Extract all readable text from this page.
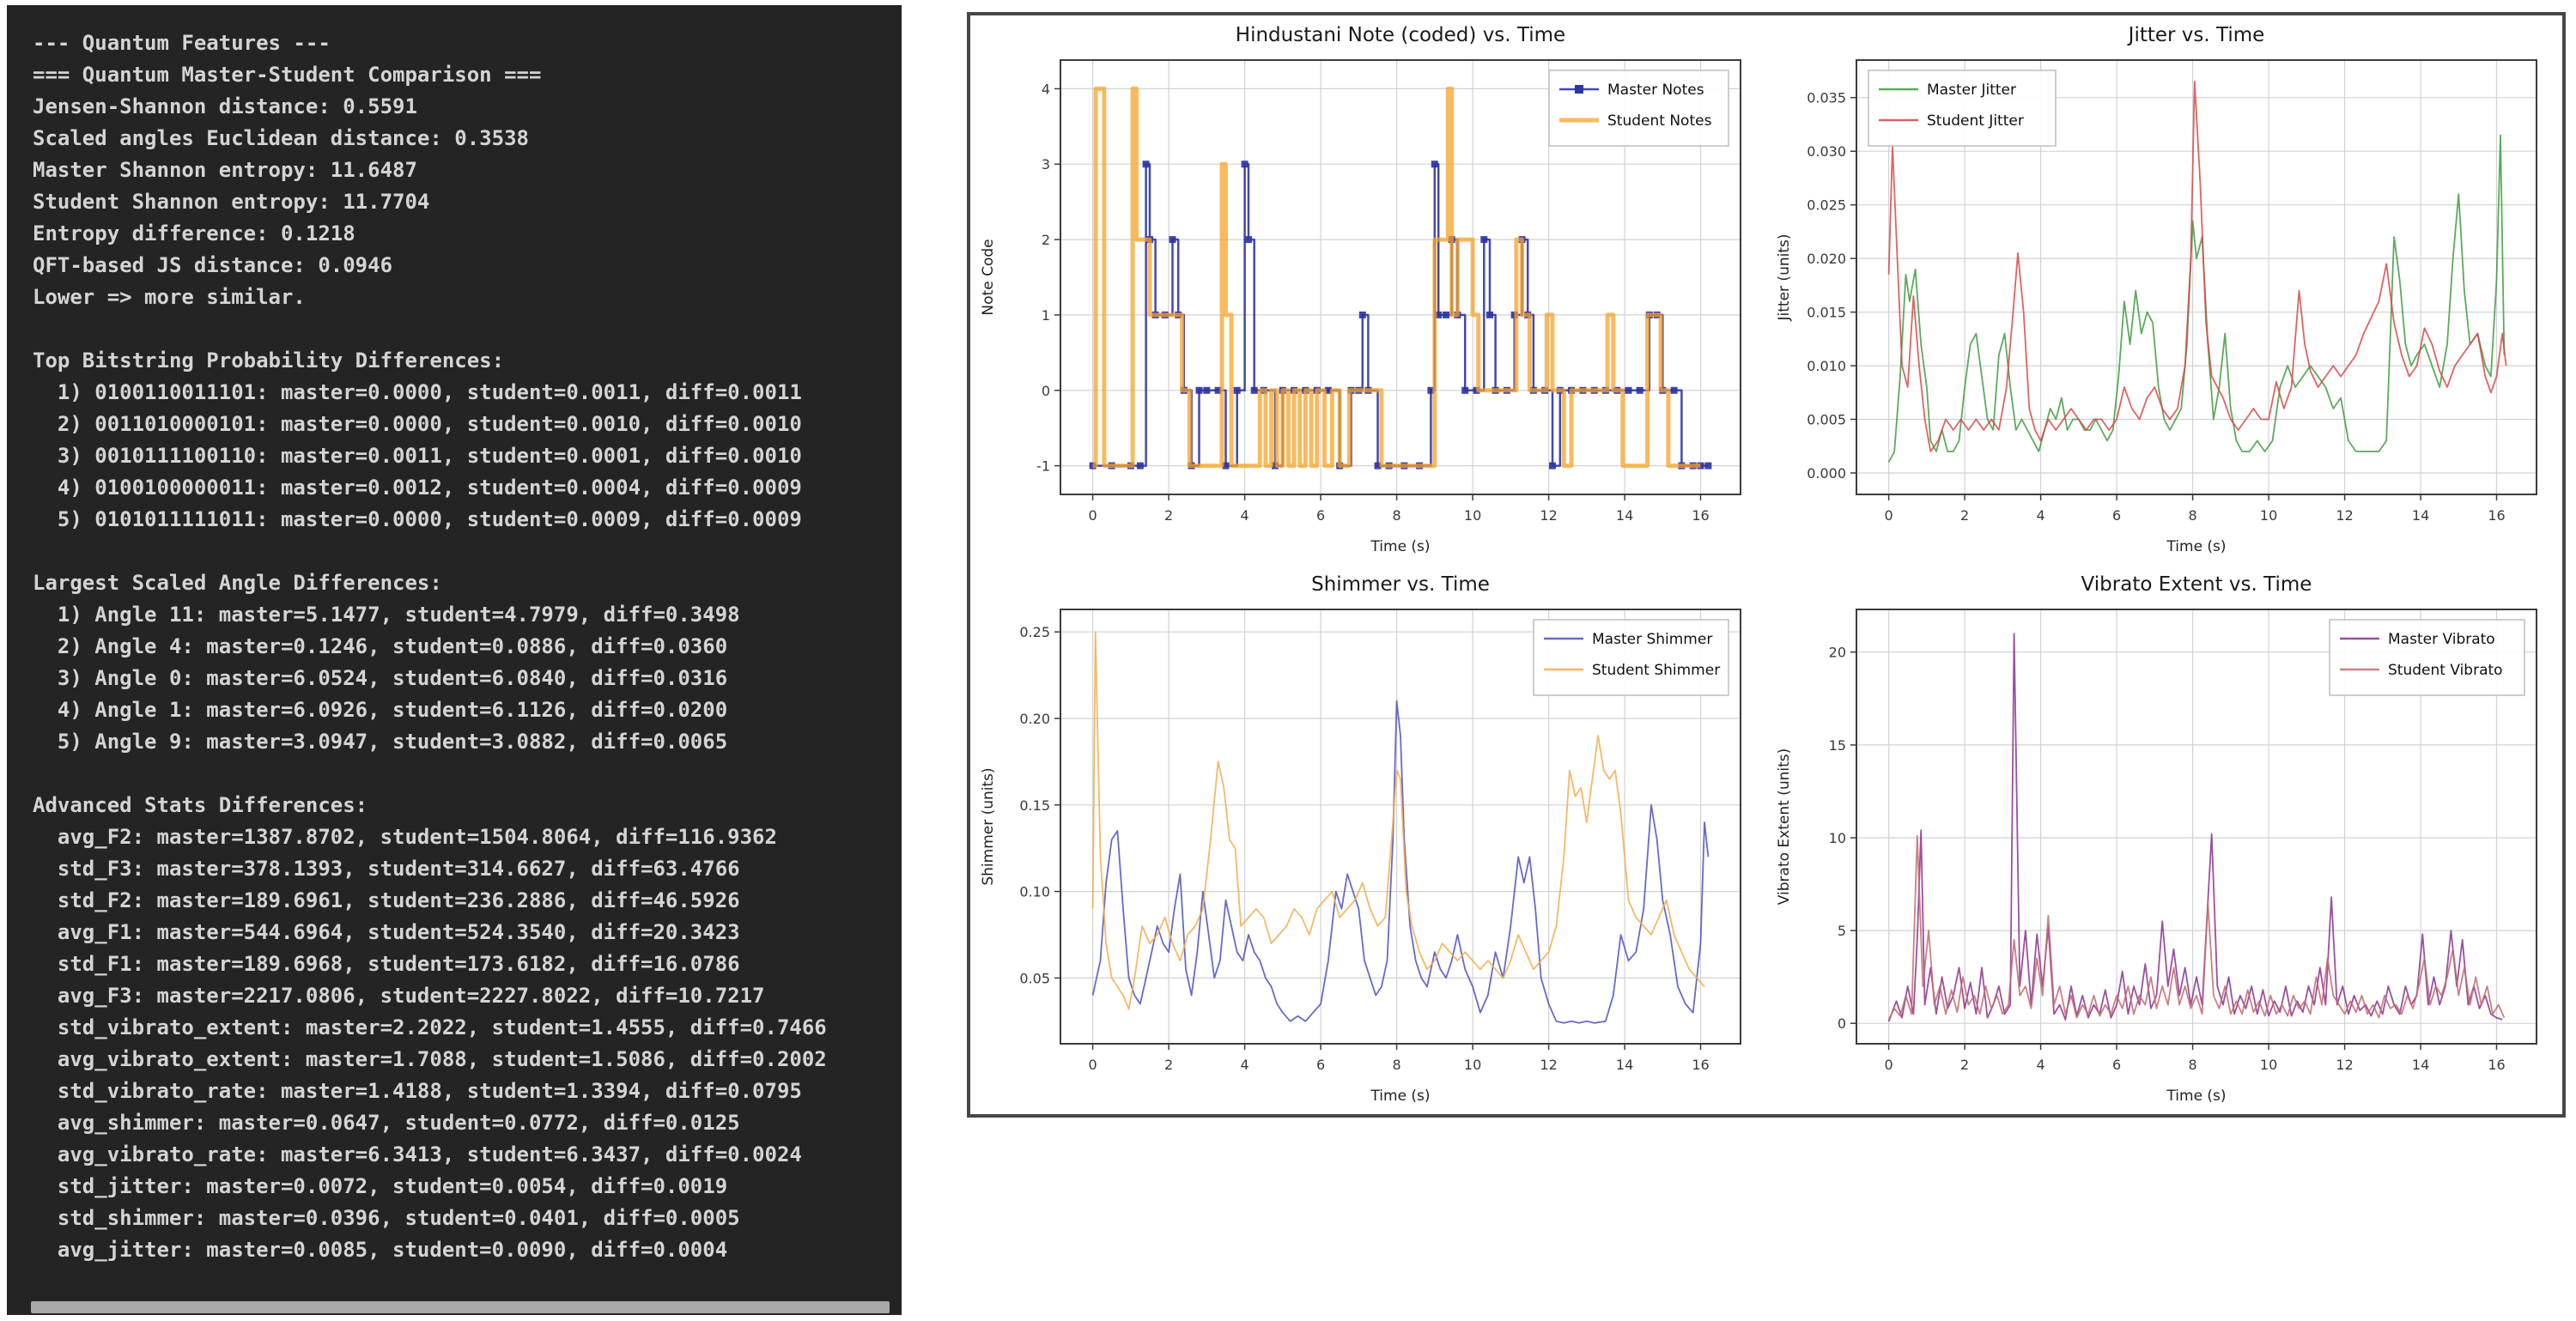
--- Quantum Features ---
=== Quantum Master-Student Comparison ===
Jensen-Shannon distance: 0.5591
Scaled angles Euclidean distance: 0.3538
Master Shannon entropy: 11.6487
Student Shannon entropy: 11.7704
Entropy difference: 0.1218
QFT-based JS distance: 0.0946
Lower => more similar.

Top Bitstring Probability Differences:
1) 0100110011101: master=0.0000, student=0.0011, diff=0.0011
2) 0011010000101: master=0.0000, student=0.0010, diff=0.0010
3) 0010111100110: master=0.0011, student=0.0001, diff=0.0010
4) 0100100000011: master=0.0012, student=0.0004, diff=0.0009
5) 0101011111011: master=0.0000, student=0.0009, diff=0.0009

Largest Scaled Angle Differences:
1) Angle 11: master=5.1477, student=4.7979, diff=0.3498
2) Angle 4: master=0.1246, student=0.0886, diff=0.0360
3) Angle 0: master=6.0524, student=6.0840, diff=0.0316
4) Angle 1: master=6.0926, student=6.1126, diff=0.0200
5) Angle 9: master=3.0947, student=3.0882, diff=0.0065

Advanced Stats Differences:
avg_F2: master=1387.8702, student=1504.8064, diff=116.9362
std_F3: master=378.1393, student=314.6627, diff=63.4766
std_F2: master=189.6961, student=236.2886, diff=46.5926
avg_F1: master=544.6964, student=524.3540, diff=20.3423
std_F1: master=189.6968, student=173.6182, diff=16.0786
avg_F3: master=2217.0806, student=2227.8022, diff=10.7217
std_vibrato_extent: master=2.2022, student=1.4555, diff=0.7466
avg_vibrato_extent: master=1.7088, student=1.5086, diff=0.2002
std_vibrato_rate: master=1.4188, student=1.3394, diff=0.0795
avg_shimmer: master=0.0647, student=0.0772, diff=0.0125
avg_vibrato_rate: master=6.3413, student=6.3437, diff=0.0024
std_jitter: master=0.0072, student=0.0054, diff=0.0019
std_shimmer: master=0.0396, student=0.0401, diff=0.0005
avg_jitter: master=0.0085, student=0.0090, diff=0.0004
0	2	4	6	8	10	12	14	16
-1
0
1
2
3
4
Hindustani Note (coded) vs. Time
Time (s)
Note Code
Master Notes
Student Notes
0	2	4	6	8	10	12	14	16
0.000
0.005
0.010
0.015
0.020
0.025
0.030
0.035
Jitter vs. Time
Time (s)
Jitter (units)
Master Jitter
Student Jitter
0	2	4	6	8	10	12	14	16
0.05
0.10
0.15
0.20
0.25
Shimmer vs. Time
Time (s)
Shimmer (units)
Master Shimmer
Student Shimmer
0	2	4	6	8	10	12	14	16
0
5
10
15
20
Vibrato Extent vs. Time
Time (s)
Vibrato Extent (units)
Master Vibrato
Student Vibrato
